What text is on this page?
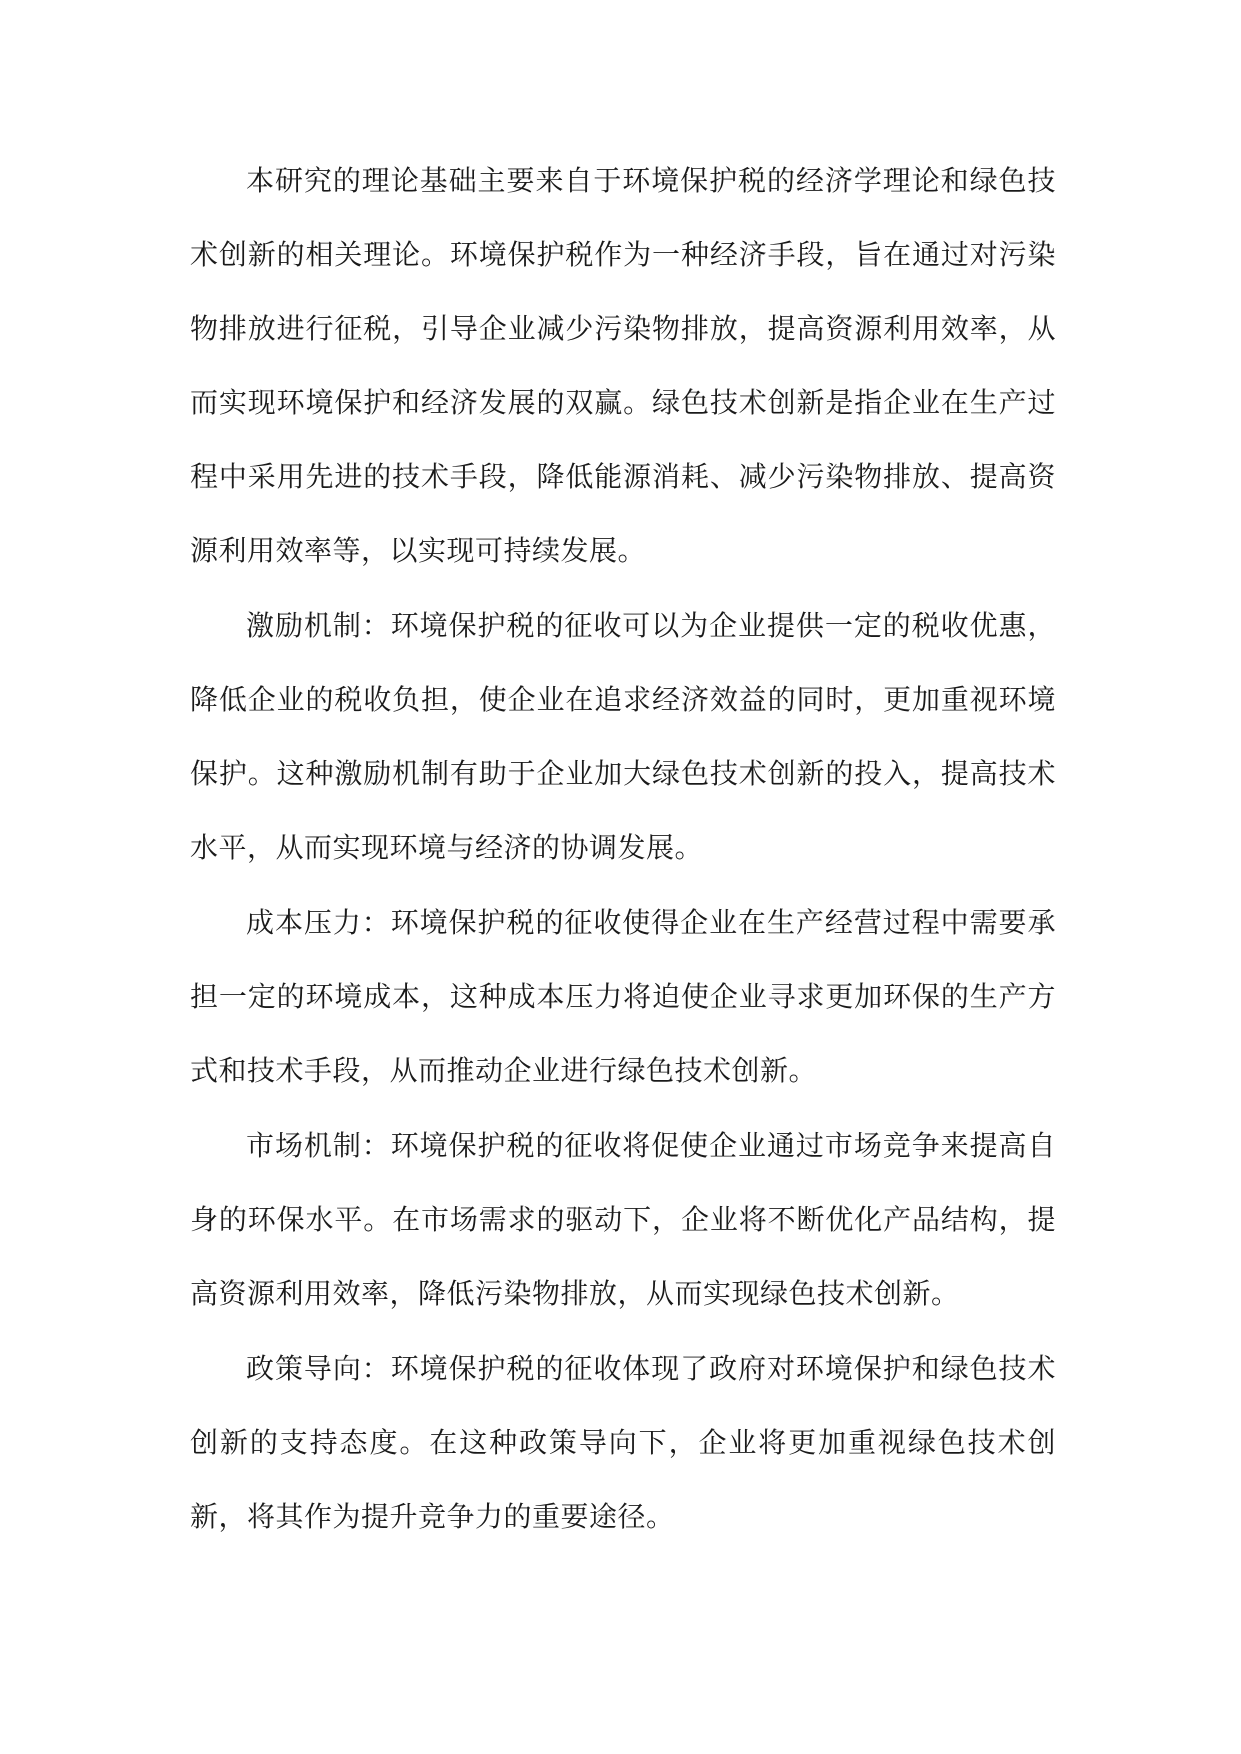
本研究的理论基础主要来自于环境保护税的经济学理论和绿色技术创新的相关理论。环境保护税作为一种经济手段，旨在通过对污染物排放进行征税，引导企业减少污染物排放，提高资源利用效率，从而实现环境保护和经济发展的双赢。绿色技术创新是指企业在生产过程中采用先进的技术手段，降低能源消耗、减少污染物排放、提高资源利用效率等，以实现可持续发展。

激励机制：环境保护税的征收可以为企业提供一定的税收优惠，降低企业的税收负担，使企业在追求经济效益的同时，更加重视环境保护。这种激励机制有助于企业加大绿色技术创新的投入，提高技术水平，从而实现环境与经济的协调发展。

成本压力：环境保护税的征收使得企业在生产经营过程中需要承担一定的环境成本，这种成本压力将迫使企业寻求更加环保的生产方式和技术手段，从而推动企业进行绿色技术创新。

市场机制：环境保护税的征收将促使企业通过市场竞争来提高自身的环保水平。在市场需求的驱动下，企业将不断优化产品结构，提高资源利用效率，降低污染物排放，从而实现绿色技术创新。

政策导向：环境保护税的征收体现了政府对环境保护和绿色技术创新的支持态度。在这种政策导向下，企业将更加重视绿色技术创新，将其作为提升竞争力的重要途径。
